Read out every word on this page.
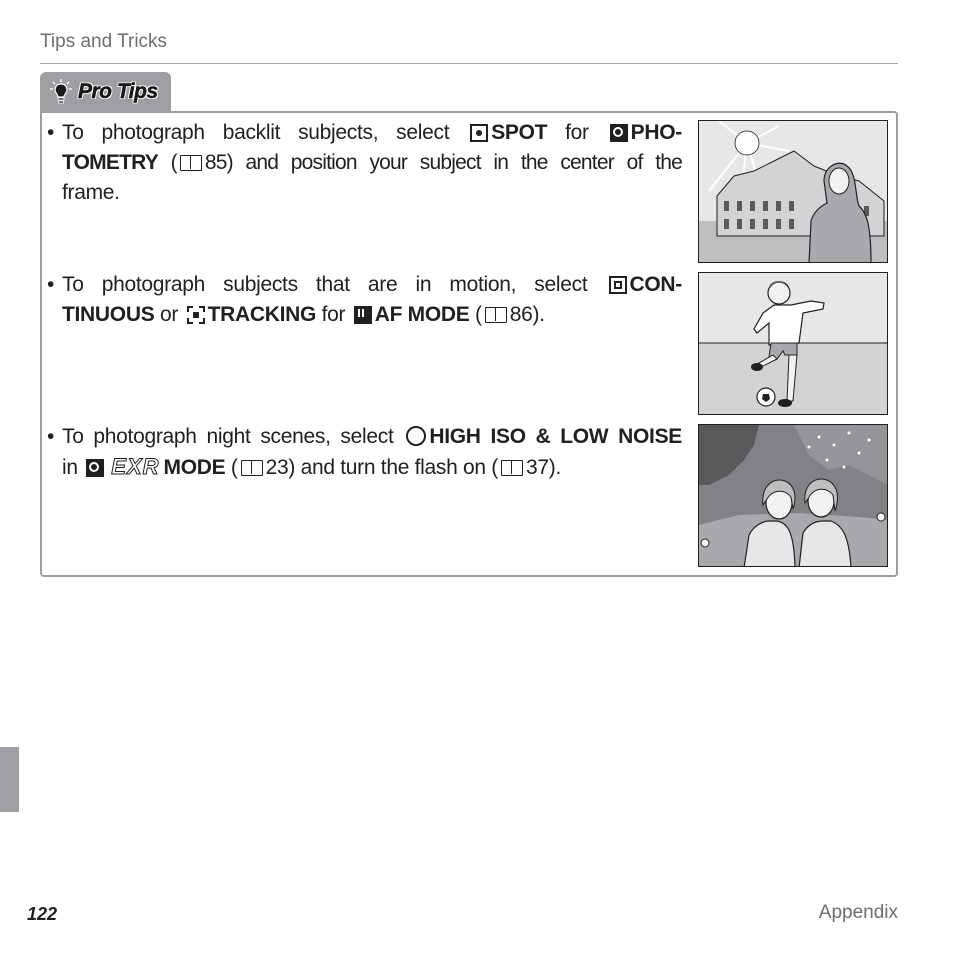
Tips and Tricks
Pro Tips
• To photograph backlit subjects, select SPOT for PHO-
TOMETRY ( 85) and position your subject in the center of the
frame.
• To photograph subjects that are in motion, select CON-
TINUOUS or TRACKING for AF MODE ( 86).
• To photograph night scenes, select HIGH ISO & LOW NOISE
in EXR MODE ( 23) and turn the flash on ( 37).
122	Appendix
